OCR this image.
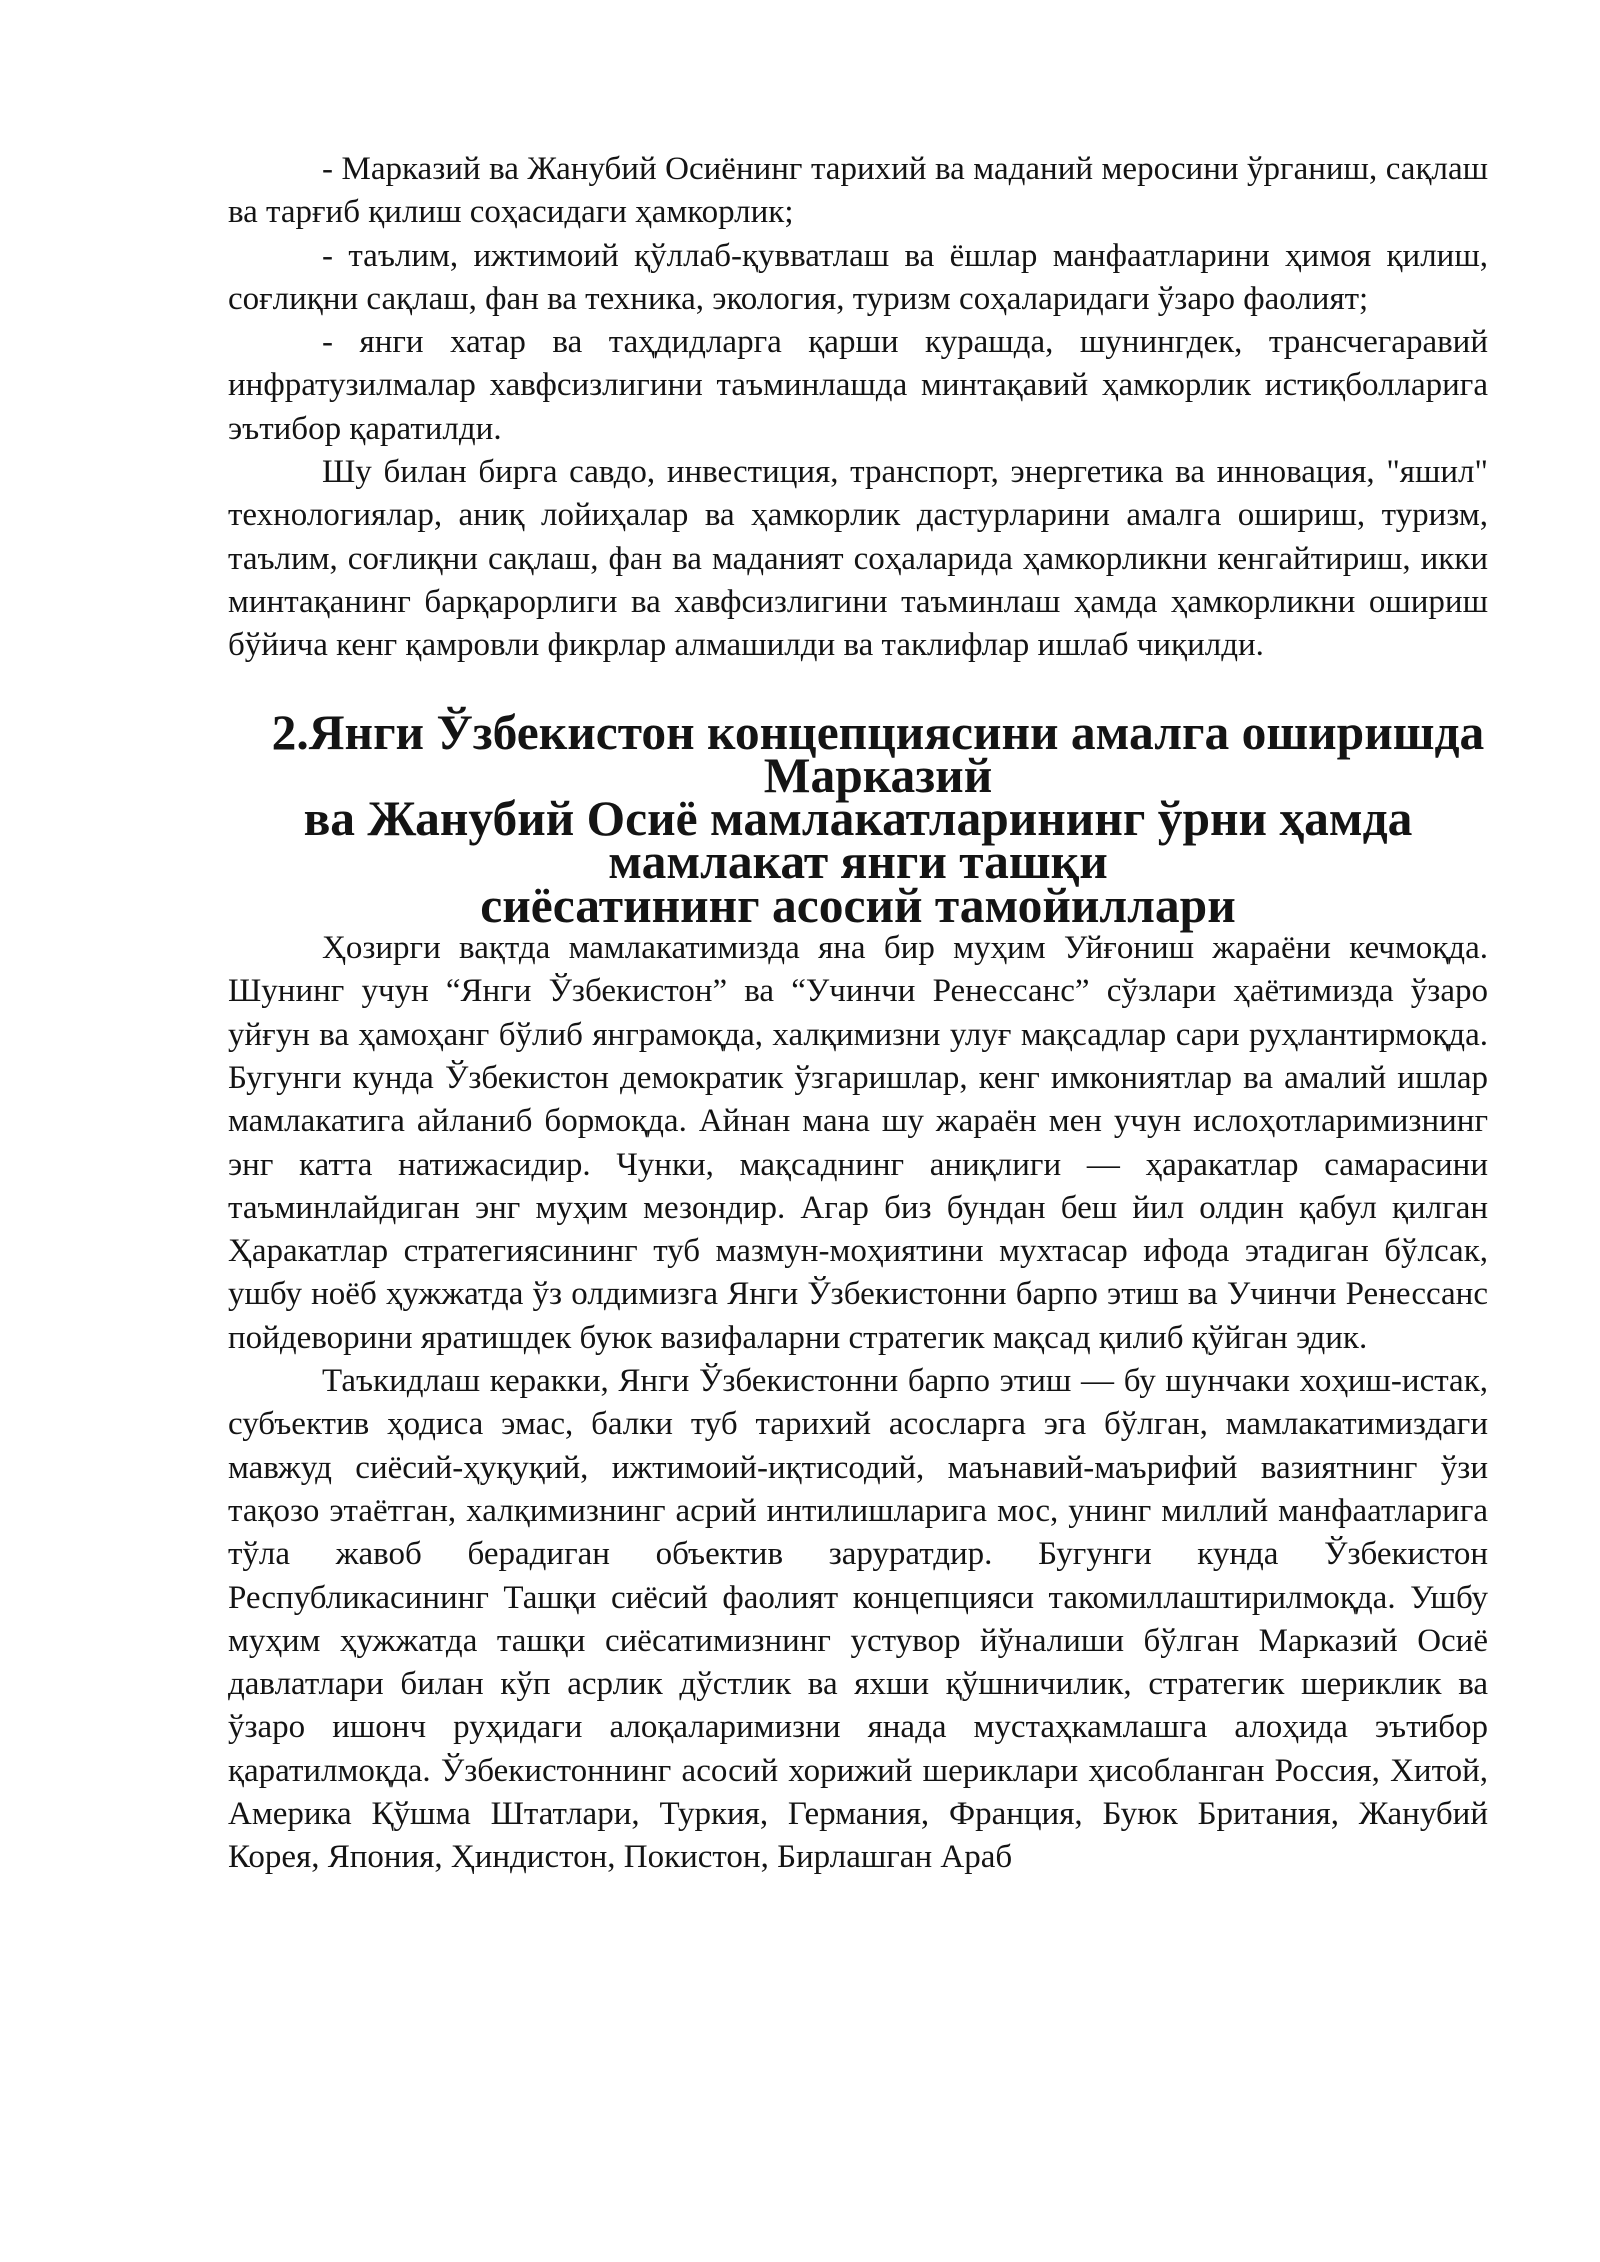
- Марказий ва Жанубий Осиёнинг тарихий ва маданий меросини ўрганиш, сақлаш ва тарғиб қилиш соҳасидаги ҳамкорлик;

- таълим, ижтимоий қўллаб-қувватлаш ва ёшлар манфаатларини ҳимоя қилиш, соғлиқни сақлаш, фан ва техника, экология, туризм соҳаларидаги ўзаро фаолият;

- янги хатар ва таҳдидларга қарши курашда, шунингдек, трансчегаравий инфратузилмалар хавфсизлигини таъминлашда минтақавий ҳамкорлик истиқболларига эътибор қаратилди.

Шу билан бирга савдо, инвестиция, транспорт, энергетика ва инновация, "яшил" технологиялар, аниқ лойиҳалар ва ҳамкорлик дастурларини амалга ошириш, туризм, таълим, соғлиқни сақлаш, фан ва маданият соҳаларида ҳамкорликни кенгайтириш, икки минтақанинг барқарорлиги ва хавфсизлигини таъминлаш ҳамда ҳамкорликни ошириш бўйича кенг қамровли фикрлар алмашилди ва таклифлар ишлаб чиқилди.

2.Янги Ўзбекистон концепциясини амалга оширишда Марказий
ва Жанубий Осиё мамлакатларининг ўрни ҳамда мамлакат янги ташқи
сиёсатининг асосий тамойиллари

Ҳозирги вақтда мамлакатимизда яна бир муҳим Уйғониш жараёни кечмоқда. Шунинг учун “Янги Ўзбекистон” ва “Учинчи Ренессанс” сўзлари ҳаётимизда ўзаро уйғун ва ҳамоҳанг бўлиб янграмоқда, халқимизни улуғ мақсадлар сари руҳлантирмоқда. Бугунги кунда Ўзбекистон демократик ўзгаришлар, кенг имкониятлар ва амалий ишлар мамлакатига айланиб бормоқда. Айнан мана шу жараён мен учун ислоҳотларимизнинг энг катта натижасидир. Чунки, мақсаднинг аниқлиги — ҳаракатлар самарасини таъминлайдиган энг муҳим мезондир. Агар биз бундан беш йил олдин қабул қилган Ҳаракатлар стратегиясининг туб мазмун-моҳиятини мухтасар ифода этадиган бўлсак, ушбу ноёб ҳужжатда ўз олдимизга Янги Ўзбекистонни барпо этиш ва Учинчи Ренессанс пойдеворини яратишдек буюк вазифаларни стратегик мақсад қилиб қўйган эдик.

Таъкидлаш керакки, Янги Ўзбекистонни барпо этиш — бу шунчаки хоҳиш-истак, субъектив ҳодиса эмас, балки туб тарихий асосларга эга бўлган, мамлакатимиздаги мавжуд сиёсий-ҳуқуқий, ижтимоий-иқтисодий, маънавий-маърифий вазиятнинг ўзи тақозо этаётган, халқимизнинг асрий интилишларига мос, унинг миллий манфаатларига тўла жавоб берадиган объектив заруратдир. Бугунги кунда Ўзбекистон Республикасининг Ташқи сиёсий фаолият концепцияси такомиллаштирилмоқда. Ушбу муҳим ҳужжатда ташқи сиёсатимизнинг устувор йўналиши бўлган Марказий Осиё давлатлари билан кўп асрлик дўстлик ва яхши қўшничилик, стратегик шериклик ва ўзаро ишонч руҳидаги алоқаларимизни янада мустаҳкамлашга алоҳида эътибор қаратилмоқда. Ўзбекистоннинг асосий хорижий шериклари ҳисобланган Россия, Хитой, Америка Қўшма Штатлари, Туркия, Германия, Франция, Буюк Британия, Жанубий Корея, Япония, Ҳиндистон, Покистон, Бирлашган Араб
